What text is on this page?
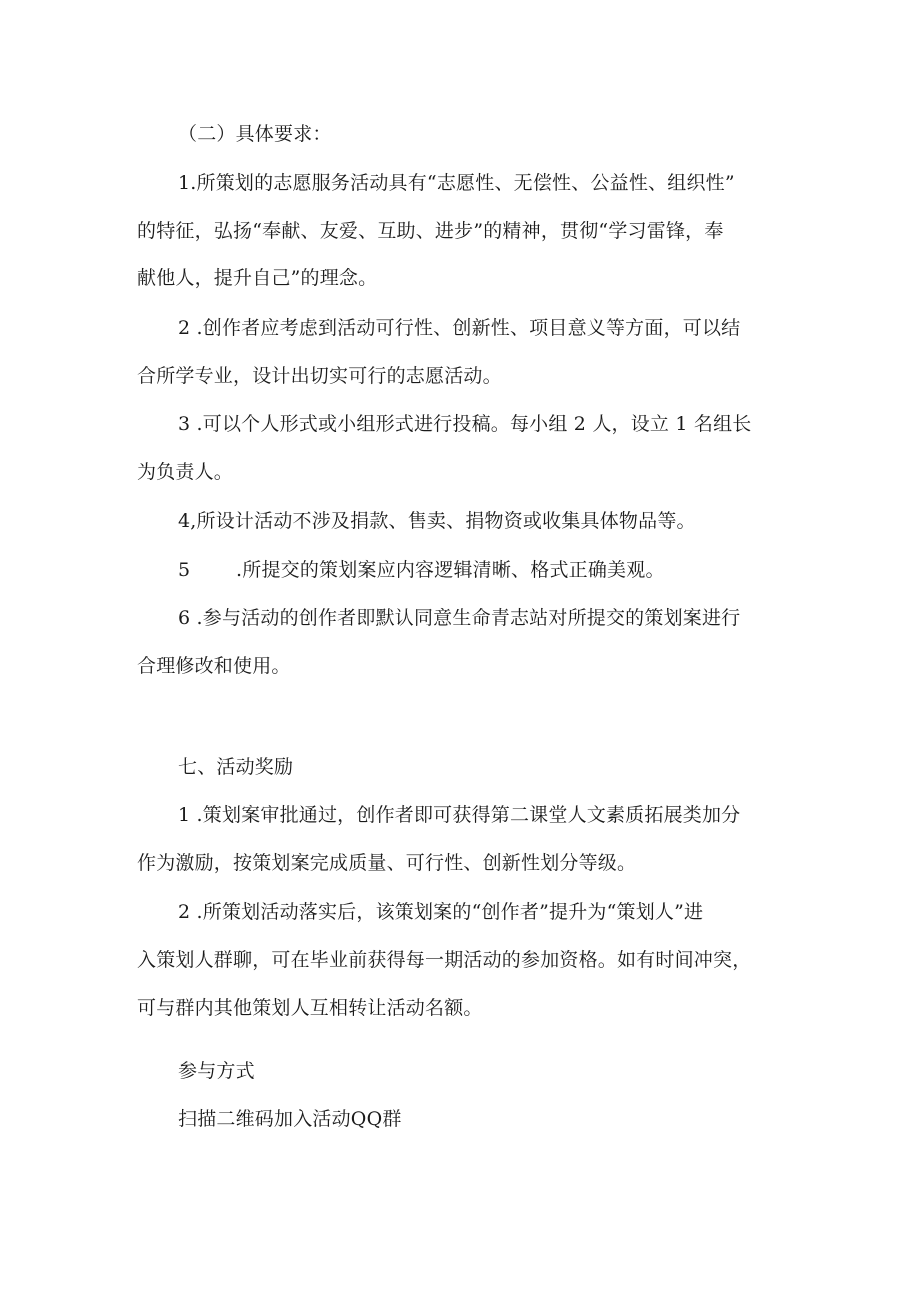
（二）具体要求：
1.所策划的志愿服务活动具有“志愿性、无偿性、公益性、组织性”
的特征，弘扬“奉献、友爱、互助、进步”的精神，贯彻“学习雷锋，奉
献他人，提升自己”的理念。
2 .创作者应考虑到活动可行性、创新性、项目意义等方面，可以结
合所学专业，设计出切实可行的志愿活动。
3 .可以个人形式或小组形式进行投稿。每小组 2 人，设立 1 名组长
为负责人。
4,所设计活动不涉及捐款、售卖、捐物资或收集具体物品等。
5 .所提交的策划案应内容逻辑清晰、格式正确美观。
6 .参与活动的创作者即默认同意生命青志站对所提交的策划案进行
合理修改和使用。
七、活动奖励
1 .策划案审批通过，创作者即可获得第二课堂人文素质拓展类加分
作为激励，按策划案完成质量、可行性、创新性划分等级。
2 .所策划活动落实后，该策划案的“创作者”提升为“策划人”进
入策划人群聊，可在毕业前获得每一期活动的参加资格。如有时间冲突，
可与群内其他策划人互相转让活动名额。
参与方式
扫描二维码加入活动QQ群
